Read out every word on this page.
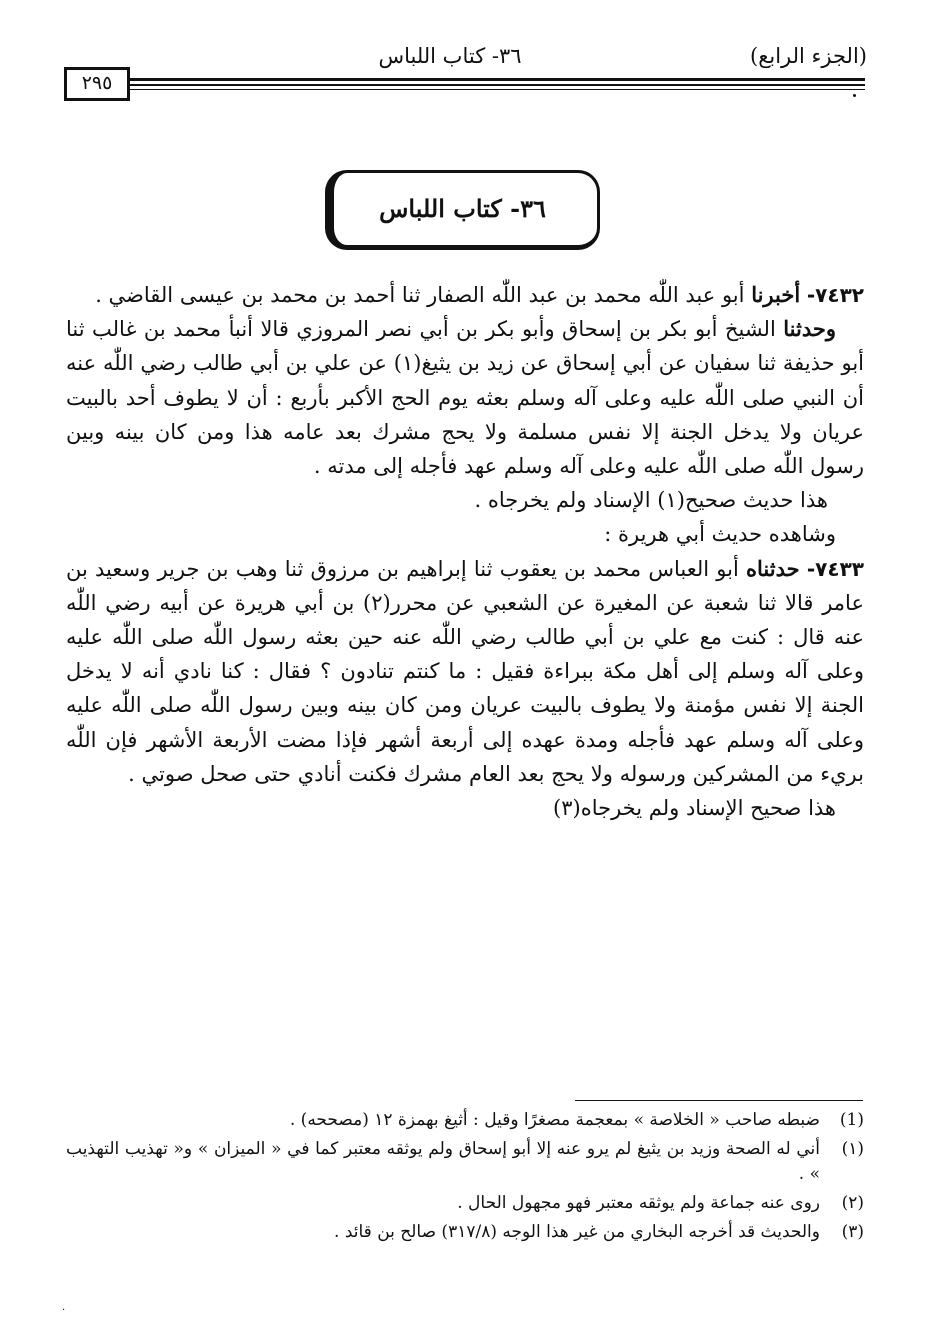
(الجزء الرابع)
٣٦- كتاب اللباس
٢٩٥
٣٦- كتاب اللباس

٧٤٣٢- أخبرنا أبو عبد اللّٰه محمد بن عبد اللّٰه الصفار ثنا أحمد بن محمد بن عيسى القاضي .

وحدثنا الشيخ أبو بكر بن إسحاق وأبو بكر بن أبي نصر المروزي قالا أنبأ محمد بن غالب ثنا أبو حذيفة ثنا سفيان عن أبي إسحاق عن زيد بن يثيغ(١) عن علي بن أبي طالب رضي اللّٰه عنه أن النبي صلى اللّٰه عليه وعلى آله وسلم بعثه يوم الحج الأكبر بأربع : أن لا يطوف أحد بالبيت عريان ولا يدخل الجنة إلا نفس مسلمة ولا يحج مشرك بعد عامه هذا ومن كان بينه وبين رسول اللّٰه صلى اللّٰه عليه وعلى آله وسلم عهد فأجله إلى مدته .

هذا حديث صحيح(١) الإسناد ولم يخرجاه .

وشاهده حديث أبي هريرة :

٧٤٣٣- حدثناه أبو العباس محمد بن يعقوب ثنا إبراهيم بن مرزوق ثنا وهب بن جرير وسعيد بن عامر قالا ثنا شعبة عن المغيرة عن الشعبي عن محرر(٢) بن أبي هريرة عن أبيه رضي اللّٰه عنه قال : كنت مع علي بن أبي طالب رضي اللّٰه عنه حين بعثه رسول اللّٰه صلى اللّٰه عليه وعلى آله وسلم إلى أهل مكة ببراءة فقيل : ما كنتم تنادون ؟ فقال : كنا نادي أنه لا يدخل الجنة إلا نفس مؤمنة ولا يطوف بالبيت عريان ومن كان بينه وبين رسول اللّٰه صلى اللّٰه عليه وعلى آله وسلم عهد فأجله ومدة عهده إلى أربعة أشهر فإذا مضت الأربعة الأشهر فإن اللّٰه بريء من المشركين ورسوله ولا يحج بعد العام مشرك فكنت أنادي حتى صحل صوتي .

هذا صحيح الإسناد ولم يخرجاه(٣)

(1)
ضبطه صاحب « الخلاصة » بمعجمة مصغرًا وقيل : أثيغ بهمزة ١٢ (مصححه) .
(١)
أني له الصحة وزيد بن يثيغ لم يرو عنه إلا أبو إسحاق ولم يوثقه معتبر كما في « الميزان » و« تهذيب التهذيب » .
(٢)
روى عنه جماعة ولم يوثقه معتبر فهو مجهول الحال .
(٣)
والحديث قد أخرجه البخاري من غير هذا الوجه (٣١٧/٨) صالح بن قائد .
·
